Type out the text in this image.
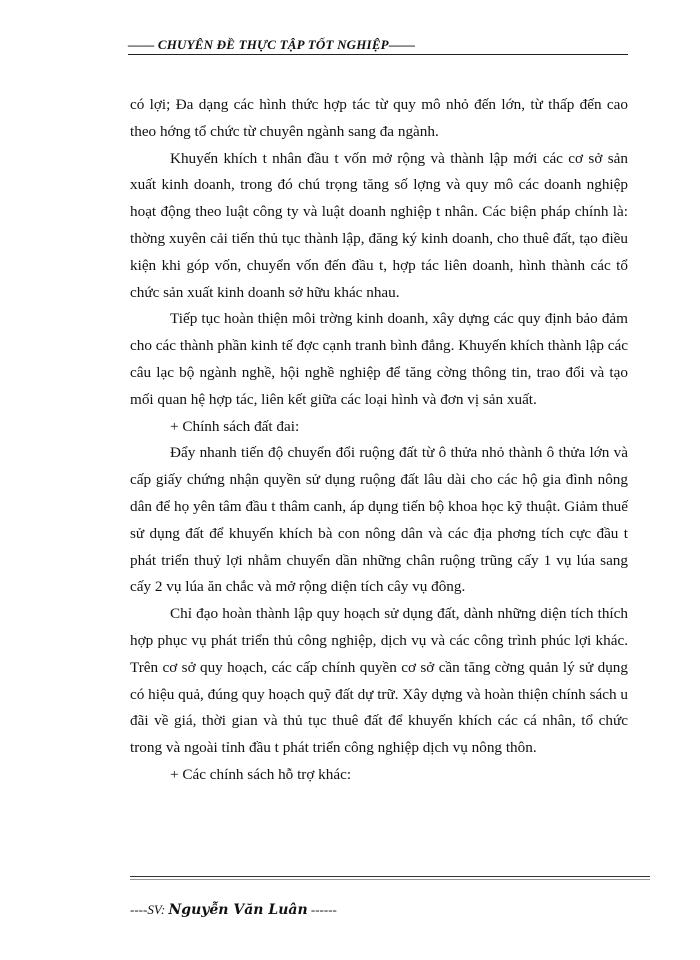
—— CHUYÊN ĐỀ THỰC TẬP TỐT NGHIỆP——

có lợi; Đa dạng các hình thức hợp tác từ quy mô nhỏ đến lớn, từ thấp đến cao theo hớng tổ chức từ chuyên ngành sang đa ngành.

Khuyến khích t nhân đầu t vốn mở rộng và thành lập mới các cơ sở sản xuất kinh doanh, trong đó chú trọng tăng số lợng và quy mô các doanh nghiệp hoạt động theo luật công ty và luật doanh nghiệp t nhân. Các biện pháp chính là: thờng xuyên cải tiến thủ tục thành lập, đăng ký kinh doanh, cho thuê đất, tạo điều kiện khi góp vốn, chuyển vốn đến đầu t, hợp tác liên doanh, hình thành các tổ chức sản xuất kinh doanh sở hữu khác nhau.

Tiếp tục hoàn thiện môi trờng kinh doanh, xây dựng các quy định bảo đảm cho các thành phần kinh tế đợc cạnh tranh bình đẳng. Khuyến khích thành lập các câu lạc bộ ngành nghề, hội nghề nghiệp để tăng cờng thông tin, trao đổi và tạo mối quan hệ hợp tác, liên kết giữa các loại hình và đơn vị sản xuất.

+ Chính sách đất đai:

Đẩy nhanh tiến độ chuyển đổi ruộng đất từ ô thửa nhỏ thành ô thửa lớn và cấp giấy chứng nhận quyền sử dụng ruộng đất lâu dài cho các hộ gia đình nông dân để họ yên tâm đầu t thâm canh, áp dụng tiến bộ khoa học kỹ thuật. Giảm thuế sử dụng đất để khuyến khích bà con nông dân và các địa phơng tích cực đầu t phát triển thuỷ lợi nhằm chuyển dần những chân ruộng trũng cấy 1 vụ lúa sang cấy 2 vụ lúa ăn chắc và mở rộng diện tích cây vụ đông.

Chỉ đạo hoàn thành lập quy hoạch sử dụng đất, dành những diện tích thích hợp phục vụ phát triển thủ công nghiệp, dịch vụ và các công trình phúc lợi khác. Trên cơ sở quy hoạch, các cấp chính quyền cơ sở cần tăng cờng quản lý sử dụng có hiệu quả, đúng quy hoạch quỹ đất dự trữ. Xây dựng và hoàn thiện chính sách u đãi về giá, thời gian và thủ tục thuê đất để khuyến khích các cá nhân, tổ chức trong và ngoài tỉnh đầu t phát triển công nghiệp dịch vụ nông thôn.

+ Các chính sách hỗ trợ khác:

----SV: Nguyễn Văn Luân ------
